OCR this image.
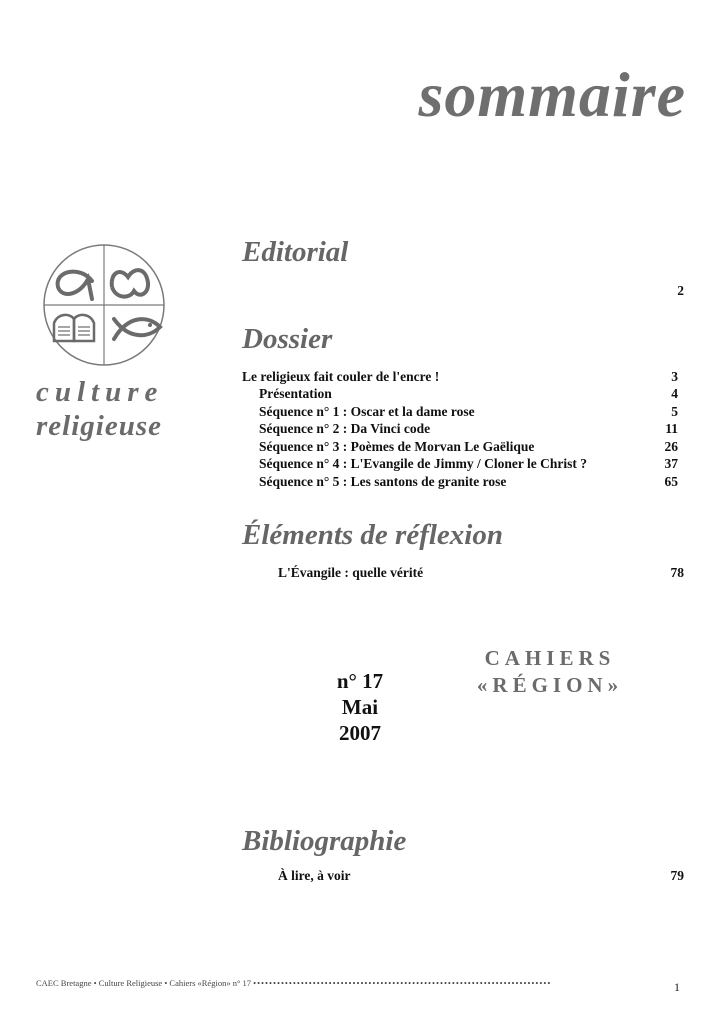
sommaire
culture
religieuse
Editorial
2
Dossier
Le religieux fait couler de l'encre !	3
Présentation	4
Séquence n° 1 : Oscar et la dame rose	5
Séquence n° 2 : Da Vinci code	11
Séquence n° 3 : Poèmes de Morvan Le Gaëlique	26
Séquence n° 4 : L'Evangile de Jimmy / Cloner le Christ ?	37
Séquence n° 5 : Les santons de granite rose	65
Éléments de réflexion
L'Évangile : quelle vérité	78
n° 17
Mai
2007
CAHIERS
«RÉGION»
Bibliographie
À lire, à voir	79
CAEC Bretagne • Culture Religieuse • Cahiers «Région» n° 17 •••••••••••••••••••••••••••••••••••••••••••••••••••••••••••••••••••••••••••	1
